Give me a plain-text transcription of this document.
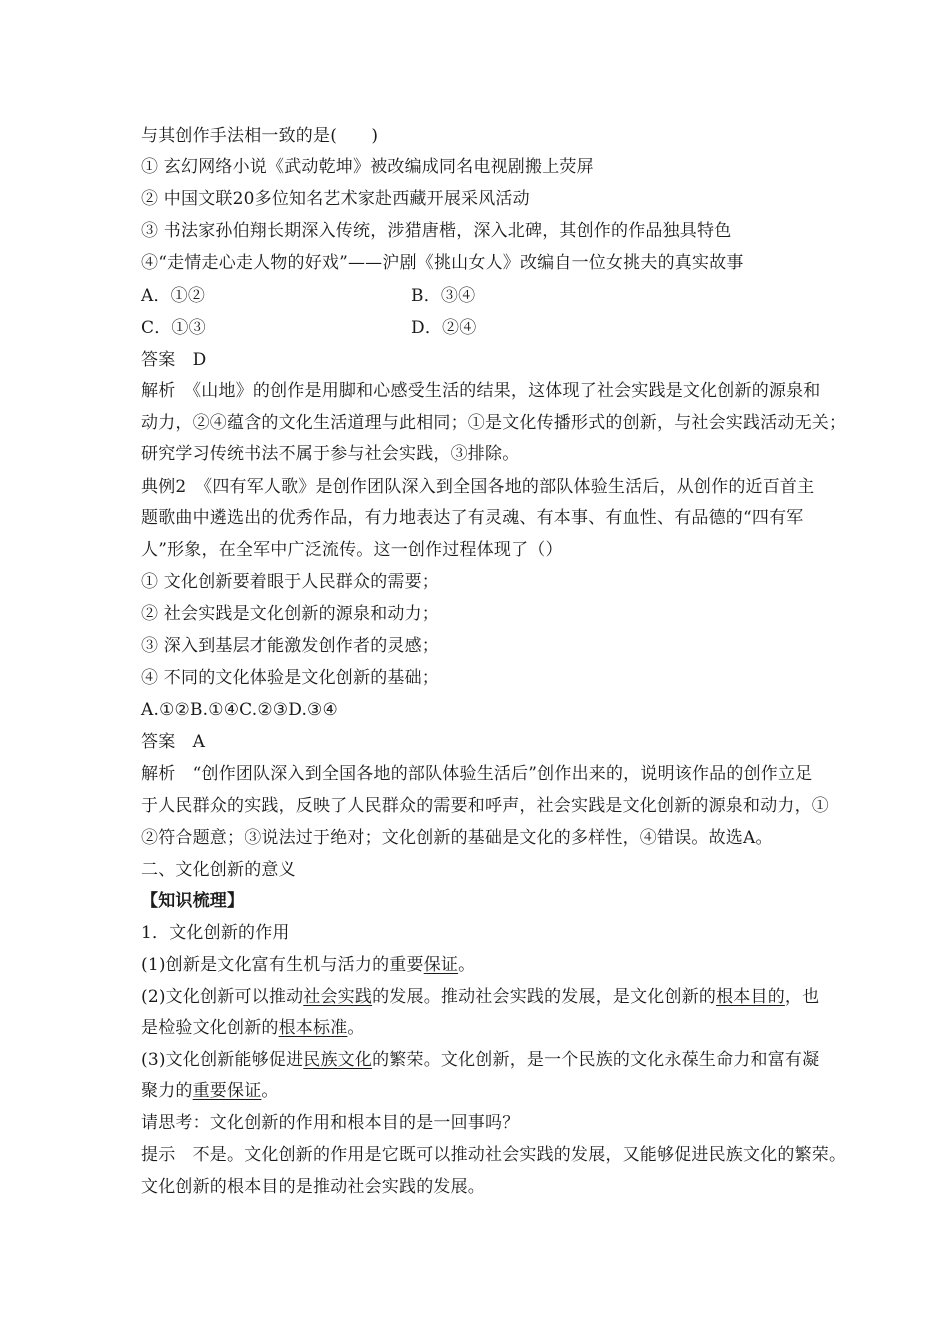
与其创作手法相一致的是(　　)
① 玄幻网络小说《武动乾坤》被改编成同名电视剧搬上荧屏
② 中国文联20多位知名艺术家赴西藏开展采风活动
③ 书法家孙伯翔长期深入传统，涉猎唐楷，深入北碑，其创作的作品独具特色
④“走情走心走人物的好戏”——沪剧《挑山女人》改编自一位女挑夫的真实故事
A．①②	B．③④
C．①③	D．②④
答案　D
解析　《山地》的创作是用脚和心感受生活的结果，这体现了社会实践是文化创新的源泉和
动力，②④蕴含的文化生活道理与此相同；①是文化传播形式的创新，与社会实践活动无关；
研究学习传统书法不属于参与社会实践，③排除。
典例2　《四有军人歌》是创作团队深入到全国各地的部队体验生活后，从创作的近百首主
题歌曲中遴选出的优秀作品，有力地表达了有灵魂、有本事、有血性、有品德的“四有军
人”形象，在全军中广泛流传。这一创作过程体现了（）
① 文化创新要着眼于人民群众的需要；
② 社会实践是文化创新的源泉和动力；
③ 深入到基层才能激发创作者的灵感；
④ 不同的文化体验是文化创新的基础；
A.①②B.①④C.②③D.③④
答案　A
解析　“创作团队深入到全国各地的部队体验生活后”创作出来的，说明该作品的创作立足
于人民群众的实践，反映了人民群众的需要和呼声，社会实践是文化创新的源泉和动力，①
②符合题意；③说法过于绝对；文化创新的基础是文化的多样性，④错误。故选A。
二、文化创新的意义
【知识梳理】
1．文化创新的作用
(1)创新是文化富有生机与活力的重要保证。
(2)文化创新可以推动社会实践的发展。推动社会实践的发展，是文化创新的根本目的，也
是检验文化创新的根本标准。
(3)文化创新能够促进民族文化的繁荣。文化创新，是一个民族的文化永葆生命力和富有凝
聚力的重要保证。
请思考：文化创新的作用和根本目的是一回事吗？
提示　不是。文化创新的作用是它既可以推动社会实践的发展，又能够促进民族文化的繁荣。
文化创新的根本目的是推动社会实践的发展。
